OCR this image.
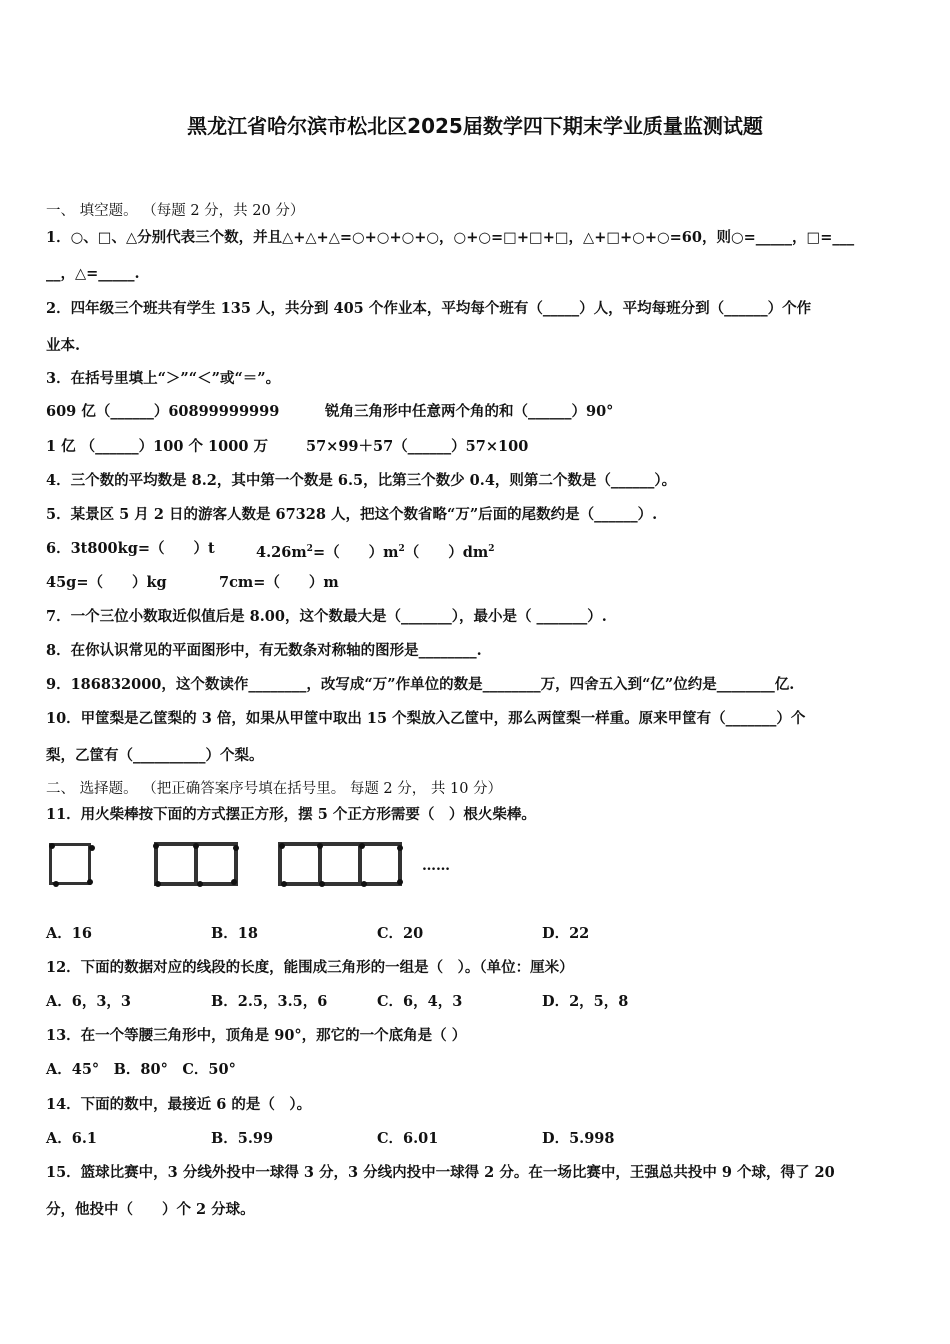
黑龙江省哈尔滨市松北区2025届数学四下期末学业质量监测试题
一、 填空题。 （每题 2 分，共 20 分）
1．○、□、△分别代表三个数，并且△+△+△=○+○+○+○，○+○=□+□+□，△+□+○+○=60，则○=_____，□=___
__，△=_____.
2．四年级三个班共有学生 135 人，共分到 405 个作业本，平均每个班有（_____）人，平均每班分到（______）个作
业本.
3．在括号里填上“＞”“＜”或“＝”。
609 亿（______）60899999999	锐角三角形中任意两个角的和（______）90°
1 亿 （______）100 个 1000 万	57×99＋57（______）57×100
4．三个数的平均数是 8.2，其中第一个数是 6.5，比第三个数少 0.4，则第二个数是（______）。
5．某景区 5 月 2 日的游客人数是 67328 人，把这个数省略“万”后面的尾数约是（______）.
6．3t800kg=（　　）t	$4.26m^2=$（　　）$m^2$（　　）$dm^2$
45g=（　　）kg	7cm=（　　）m
7．一个三位小数取近似值后是 8.00，这个数最大是（_______），最小是（ _______）.
8．在你认识常见的平面图形中，有无数条对称轴的图形是________.
9．186832000，这个数读作________，改写成“万”作单位的数是________万，四舍五入到“亿”位约是________亿.
10．甲筐梨是乙筐梨的 3 倍，如果从甲筐中取出 15 个梨放入乙筐中，那么两筐梨一样重。原来甲筐有（_______）个
梨，乙筐有（__________）个梨。
二、 选择题。 （把正确答案序号填在括号里。 每题 2 分， 共 10 分）
11．用火柴棒按下面的方式摆正方形，摆 5 个正方形需要（　）根火柴棒。
……
A．16	B．18	C．20	D．22
12．下面的数据对应的线段的长度，能围成三角形的一组是（　）。（单位：厘米）
A．6，3，3	B．2.5，3.5，6	C．6，4，3	D．2，5，8
13．在一个等腰三角形中，顶角是 90°，那它的一个底角是（ ）
A．45°　B．80°　C．50°
14．下面的数中，最接近 6 的是（　）。
A．6.1	B．5.99	C．6.01	D．5.998
15．篮球比赛中，3 分线外投中一球得 3 分，3 分线内投中一球得 2 分。在一场比赛中，王强总共投中 9 个球，得了 20
分，他投中（　　）个 2 分球。
